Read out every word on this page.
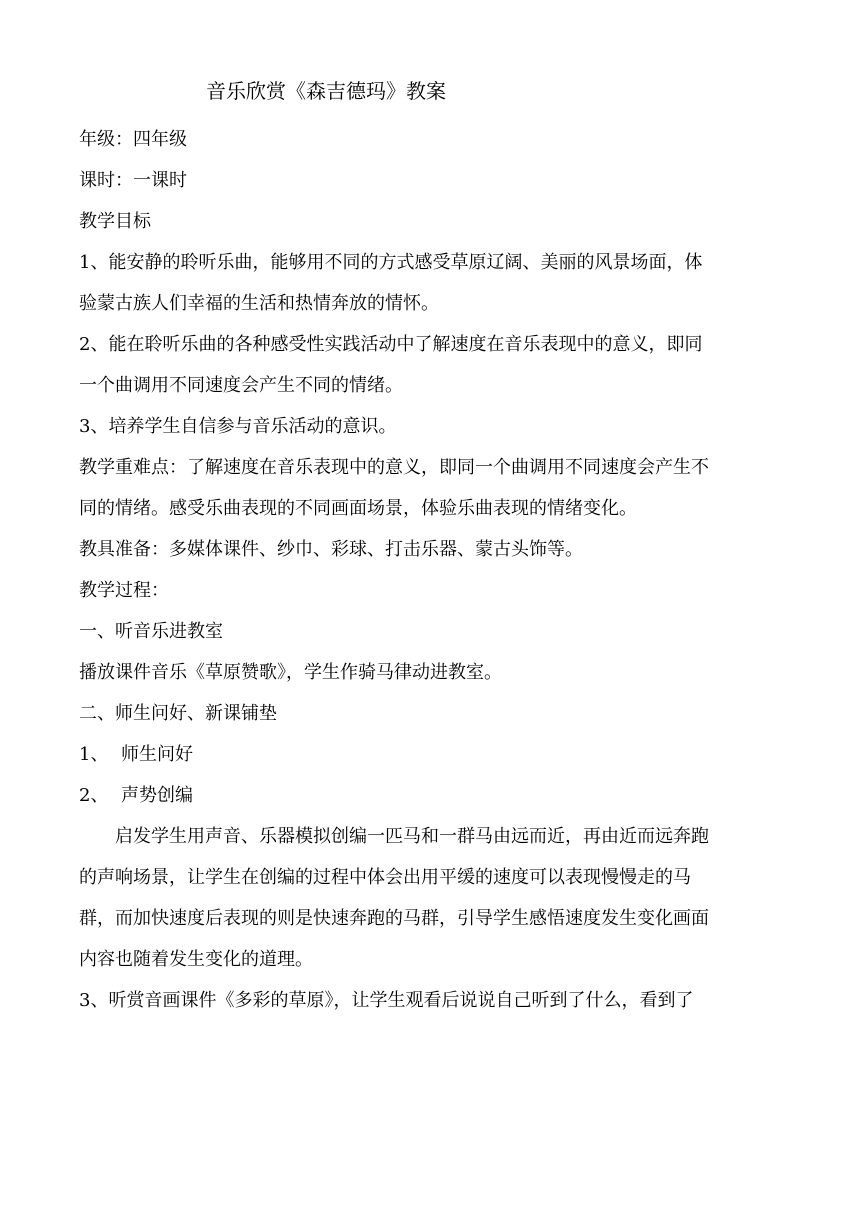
音乐欣赏《森吉德玛》教案
年级：四年级
课时：一课时
教学目标
1、能安静的聆听乐曲，能够用不同的方式感受草原辽阔、美丽的风景场面，体
验蒙古族人们幸福的生活和热情奔放的情怀。
2、能在聆听乐曲的各种感受性实践活动中了解速度在音乐表现中的意义，即同
一个曲调用不同速度会产生不同的情绪。
3、培养学生自信参与音乐活动的意识。
教学重难点：了解速度在音乐表现中的意义，即同一个曲调用不同速度会产生不
同的情绪。感受乐曲表现的不同画面场景，体验乐曲表现的情绪变化。
教具准备：多媒体课件、纱巾、彩球、打击乐器、蒙古头饰等。
教学过程：
一、听音乐进教室
播放课件音乐《草原赞歌》，学生作骑马律动进教室。
二、师生问好、新课铺垫
1、 师生问好
2、 声势创编
启发学生用声音、乐器模拟创编一匹马和一群马由远而近，再由近而远奔跑
的声响场景，让学生在创编的过程中体会出用平缓的速度可以表现慢慢走的马
群，而加快速度后表现的则是快速奔跑的马群，引导学生感悟速度发生变化画面
内容也随着发生变化的道理。
3、听赏音画课件《多彩的草原》，让学生观看后说说自己听到了什么，看到了
